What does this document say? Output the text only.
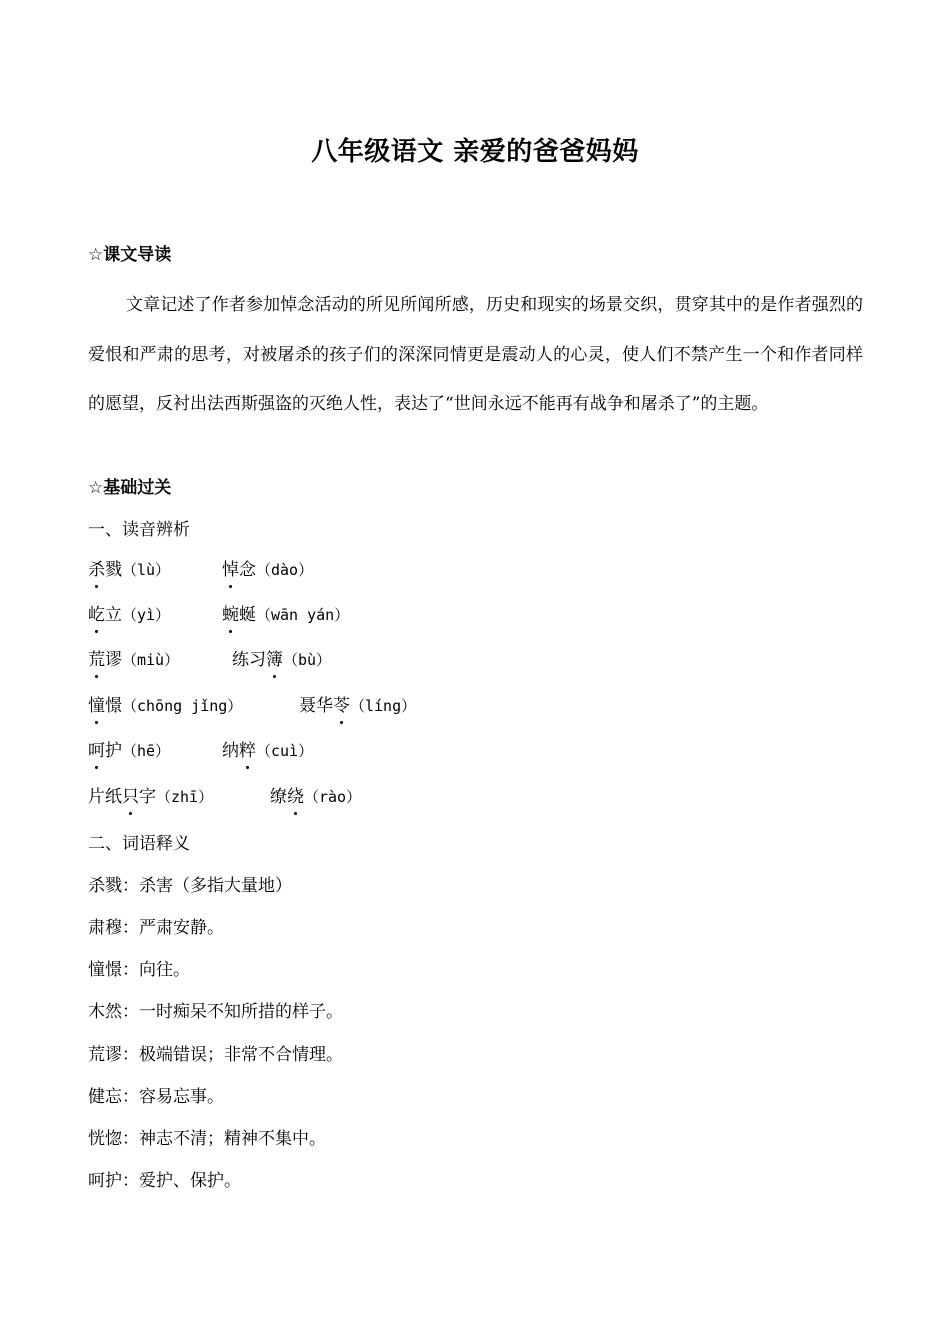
八年级语文 亲爱的爸爸妈妈
☆课文导读
文章记述了作者参加悼念活动的所见所闻所感，历史和现实的场景交织，贯穿其中的是作者强烈的爱恨和严肃的思考，对被屠杀的孩子们的深深同情更是震动人的心灵，使人们不禁产生一个和作者同样的愿望，反衬出法西斯强盗的灭绝人性，表达了“世间永远不能再有战争和屠杀了”的主题。
☆基础过关
一、读音辨析
杀戮（lù）	悼念（dào）
屹立（yì）	蜿蜒（wān yán）
荒谬（miù）	练习簿（bù）
憧憬（chōng jǐng）	聂华苓（líng）
呵护（hē）	纳粹（cuì）
片纸只字（zhī）	缭绕（rào）
二、词语释义
杀戮：杀害（多指大量地）
肃穆：严肃安静。
憧憬：向往。
木然：一时痴呆不知所措的样子。
荒谬：极端错误；非常不合情理。
健忘：容易忘事。
恍惚：神志不清；精神不集中。
呵护：爱护、保护。
